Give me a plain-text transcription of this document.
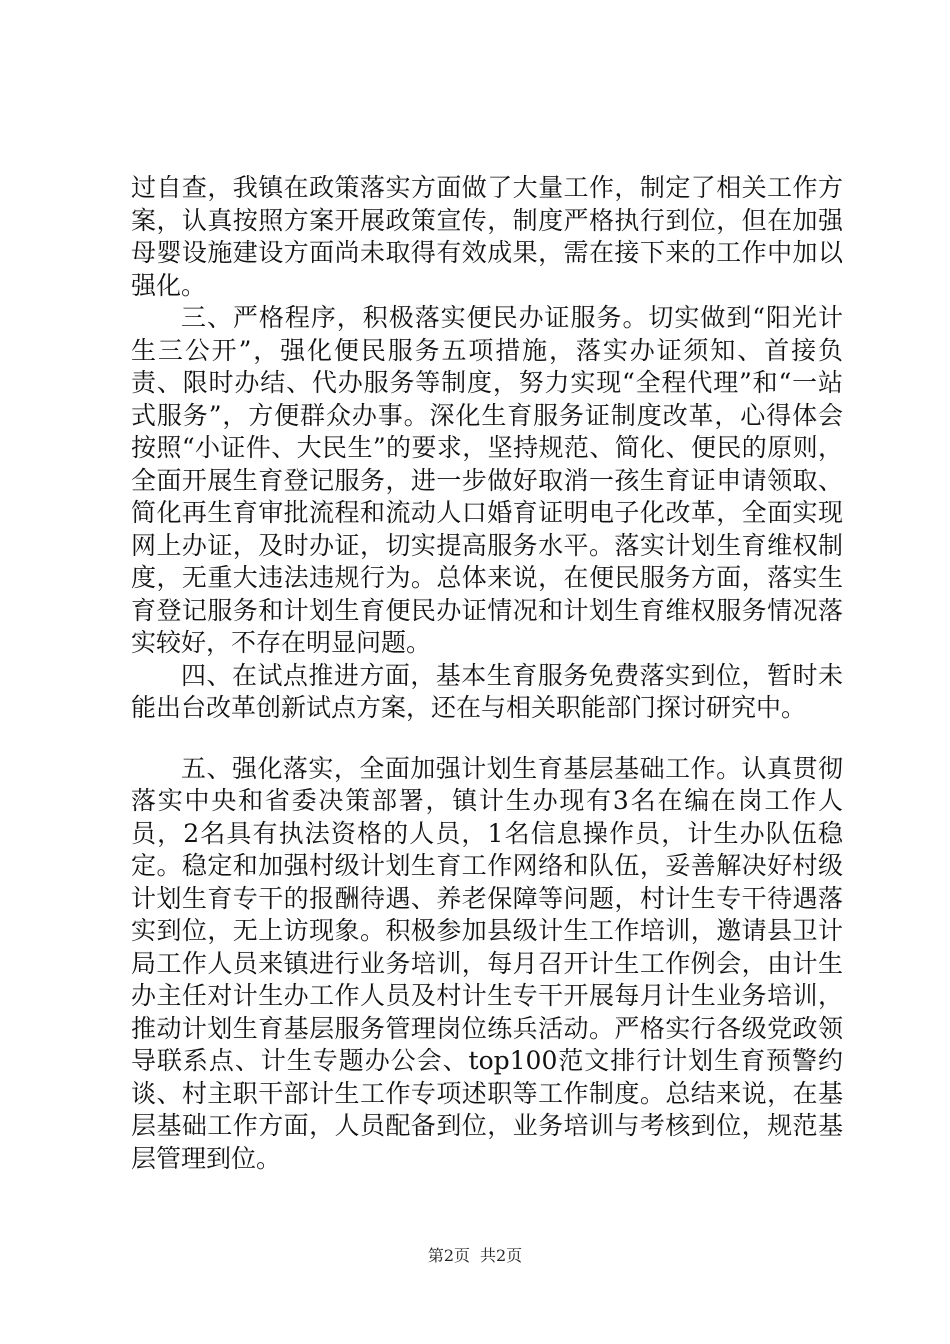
过自查，我镇在政策落实方面做了大量工作，制定了相关工作方案，认真按照方案开展政策宣传，制度严格执行到位，但在加强母婴设施建设方面尚未取得有效成果，需在接下来的工作中加以强化。

三、严格程序，积极落实便民办证服务。切实做到“阳光计生三公开”，强化便民服务五项措施，落实办证须知、首接负责、限时办结、代办服务等制度，努力实现“全程代理”和“一站式服务”，方便群众办事。深化生育服务证制度改革，心得体会按照“小证件、大民生”的要求，坚持规范、简化、便民的原则，全面开展生育登记服务，进一步做好取消一孩生育证申请领取、简化再生育审批流程和流动人口婚育证明电子化改革，全面实现网上办证，及时办证，切实提高服务水平。落实计划生育维权制度，无重大违法违规行为。总体来说，在便民服务方面，落实生育登记服务和计划生育便民办证情况和计划生育维权服务情况落实较好，不存在明显问题。

四、在试点推进方面，基本生育服务免费落实到位，暂时未能出台改革创新试点方案，还在与相关职能部门探讨研究中。

五、强化落实，全面加强计划生育基层基础工作。认真贯彻落实中央和省委决策部署，镇计生办现有3名在编在岗工作人员，2名具有执法资格的人员，1名信息操作员，计生办队伍稳定。稳定和加强村级计划生育工作网络和队伍，妥善解决好村级计划生育专干的报酬待遇、养老保障等问题，村计生专干待遇落实到位，无上访现象。积极参加县级计生工作培训，邀请县卫计局工作人员来镇进行业务培训，每月召开计生工作例会，由计生办主任对计生办工作人员及村计生专干开展每月计生业务培训，推动计划生育基层服务管理岗位练兵活动。严格实行各级党政领导联系点、计生专题办公会、top100范文排行计划生育预警约谈、村主职干部计生工作专项述职等工作制度。总结来说，在基层基础工作方面，人员配备到位，业务培训与考核到位，规范基层管理到位。

第2页 共2页
